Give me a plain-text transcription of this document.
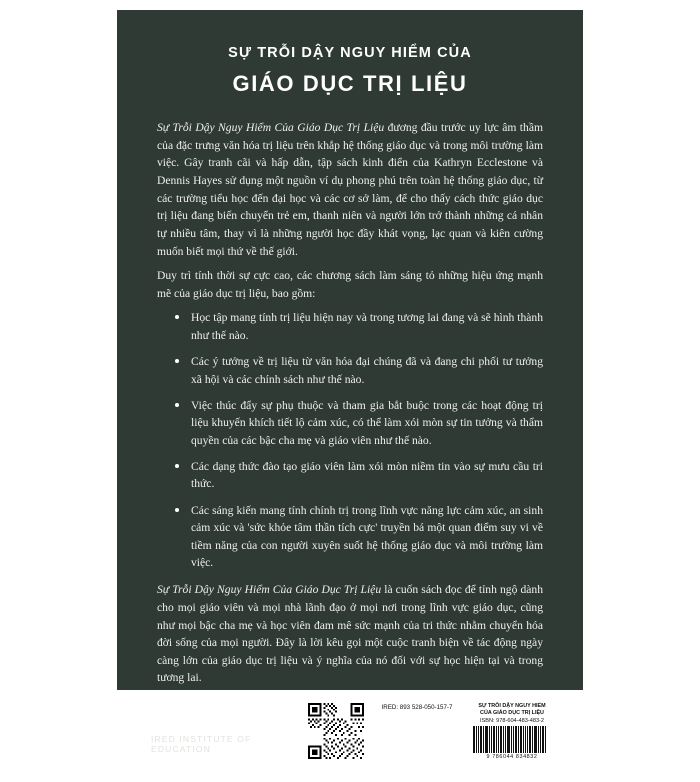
SỰ TRỖI DẬY NGUY HIỂM CỦA
GIÁO DỤC TRỊ LIỆU

Sự Trỗi Dậy Nguy Hiểm Của Giáo Dục Trị Liệu đương đầu trước uy lực âm thầm của đặc trưng văn hóa trị liệu trên khắp hệ thống giáo dục và trong môi trường làm việc. Gây tranh cãi và hấp dẫn, tập sách kinh điển của Kathryn Ecclestone và Dennis Hayes sử dụng một nguồn ví dụ phong phú trên toàn hệ thống giáo dục, từ các trường tiểu học đến đại học và các cơ sở làm, để cho thấy cách thức giáo dục trị liệu đang biến chuyển trẻ em, thanh niên và người lớn trở thành những cá nhân tự nhiều tâm, thay vì là những người học đầy khát vọng, lạc quan và kiên cường muốn biết mọi thứ về thế giới.

Duy trì tính thời sự cực cao, các chương sách làm sáng tỏ những hiệu ứng mạnh mẽ của giáo dục trị liệu, bao gồm:

Học tập mang tính trị liệu hiện nay và trong tương lai đang và sẽ hình thành như thế nào.
Các ý tưởng về trị liệu từ văn hóa đại chúng đã và đang chi phối tư tưởng xã hội và các chính sách như thế nào.
Việc thúc đẩy sự phụ thuộc và tham gia bắt buộc trong các hoạt động trị liệu khuyến khích tiết lộ cảm xúc, có thể làm xói mòn sự tin tưởng và thẩm quyền của các bậc cha mẹ và giáo viên như thế nào.
Các dạng thức đào tạo giáo viên làm xói mòn niềm tin vào sự mưu cầu tri thức.
Các sáng kiến mang tính chính trị trong lĩnh vực năng lực cảm xúc, an sinh cảm xúc và 'sức khỏe tâm thần tích cực' truyền bá một quan điểm suy vi về tiềm năng của con người xuyên suốt hệ thống giáo dục và môi trường làm việc.

Sự Trỗi Dậy Nguy Hiểm Của Giáo Dục Trị Liệu là cuốn sách đọc để tỉnh ngộ dành cho mọi giáo viên và mọi nhà lãnh đạo ở mọi nơi trong lĩnh vực giáo dục, cũng như mọi bậc cha mẹ và học viên đam mê sức mạnh của tri thức nhằm chuyển hóa đời sống của mọi người. Đây là lời kêu gọi một cuộc tranh biện về tác động ngày càng lớn của giáo dục trị liệu và ý nghĩa của nó đối với sự học hiện tại và trong tương lai.

VIỆN GIÁO DỤC IRED
IRED INSTITUTE OF EDUCATION
IRED: 893 528-050-157-7	SỰ TRỖI DẬY NGUY HIỂM
CỦA GIÁO DỤC TRỊ LIỆU
ISBN: 978-604-483-483-2
9 786044 834832
